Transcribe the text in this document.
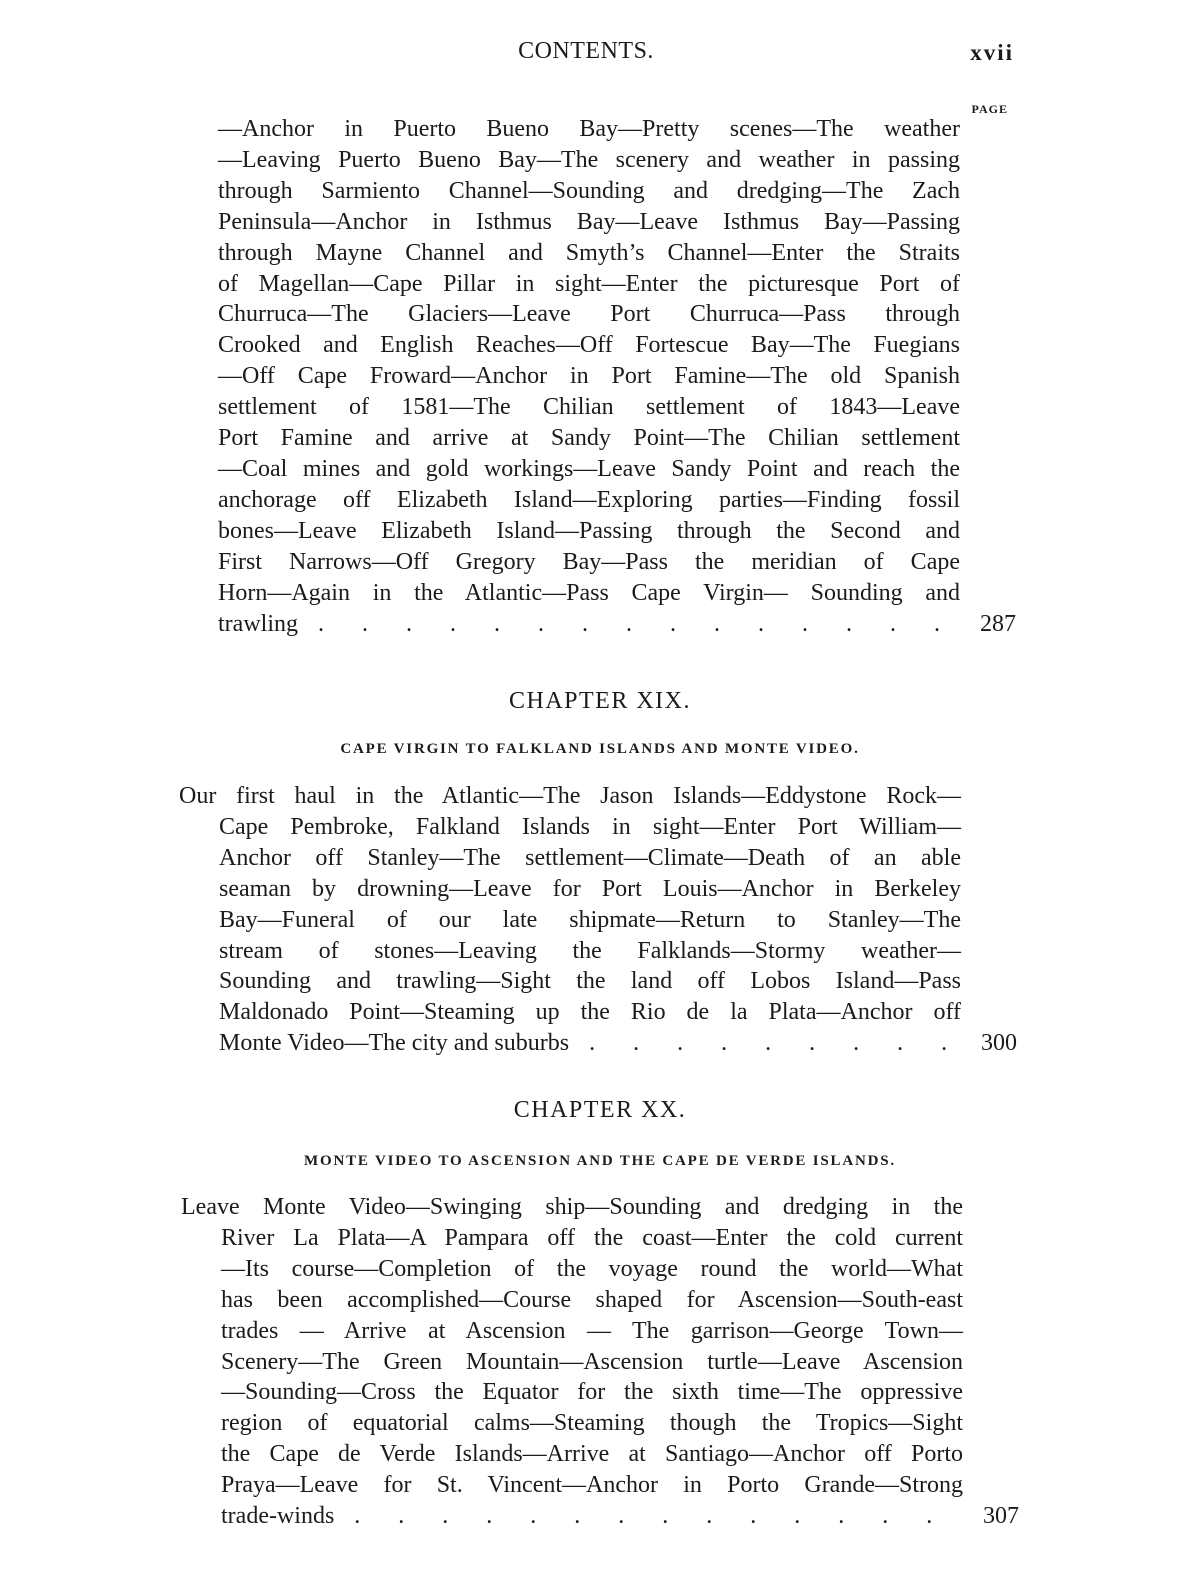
CONTENTS.	xvii
PAGE
—Anchor in Puerto Bueno Bay—Pretty scenes—The weather
—Leaving Puerto Bueno Bay—The scenery and weather in passing
through Sarmiento Channel—Sounding and dredging—The Zach
Peninsula—Anchor in Isthmus Bay—Leave Isthmus Bay—Passing
through Mayne Channel and Smyth’s Channel—Enter the Straits
of Magellan—Cape Pillar in sight—Enter the picturesque Port of
Churruca—The Glaciers—Leave Port Churruca—Pass through
Crooked and English Reaches—Off Fortescue Bay—The Fuegians
—Off Cape Froward—Anchor in Port Famine—The old Spanish
settlement of 1581—The Chilian settlement of 1843—Leave
Port Famine and arrive at Sandy Point—The Chilian settlement
—Coal mines and gold workings—Leave Sandy Point and reach the
anchorage off Elizabeth Island—Exploring parties—Finding fossil
bones—Leave Elizabeth Island—Passing through the Second and
First Narrows—Off Gregory Bay—Pass the meridian of Cape
Horn—Again in the Atlantic—Pass Cape Virgin— Sounding and
trawling . . .	287
CHAPTER XIX.
CAPE VIRGIN TO FALKLAND ISLANDS AND MONTE VIDEO.
Our first haul in the Atlantic—The Jason Islands—Eddystone Rock—
Cape Pembroke, Falkland Islands in sight—Enter Port William—
Anchor off Stanley—The settlement—Climate—Death of an able
seaman by drowning—Leave for Port Louis—Anchor in Berkeley
Bay—Funeral of our late shipmate—Return to Stanley—The
stream of stones—Leaving the Falklands—Stormy weather—
Sounding and trawling—Sight the land off Lobos Island—Pass
Maldonado Point—Steaming up the Rio de la Plata—Anchor off
Monte Video—The city and suburbs . . .	300
CHAPTER XX.
MONTE VIDEO TO ASCENSION AND THE CAPE DE VERDE ISLANDS.
Leave Monte Video—Swinging ship—Sounding and dredging in the
River La Plata—A Pampara off the coast—Enter the cold current
—Its course—Completion of the voyage round the world—What
has been accomplished—Course shaped for Ascension—South-east
trades — Arrive at Ascension — The garrison—George Town—
Scenery—The Green Mountain—Ascension turtle—Leave Ascension
—Sounding—Cross the Equator for the sixth time—The oppressive
region of equatorial calms—Steaming though the Tropics—Sight
the Cape de Verde Islands—Arrive at Santiago—Anchor off Porto
Praya—Leave for St. Vincent—Anchor in Porto Grande—Strong
trade-winds . . .	307
